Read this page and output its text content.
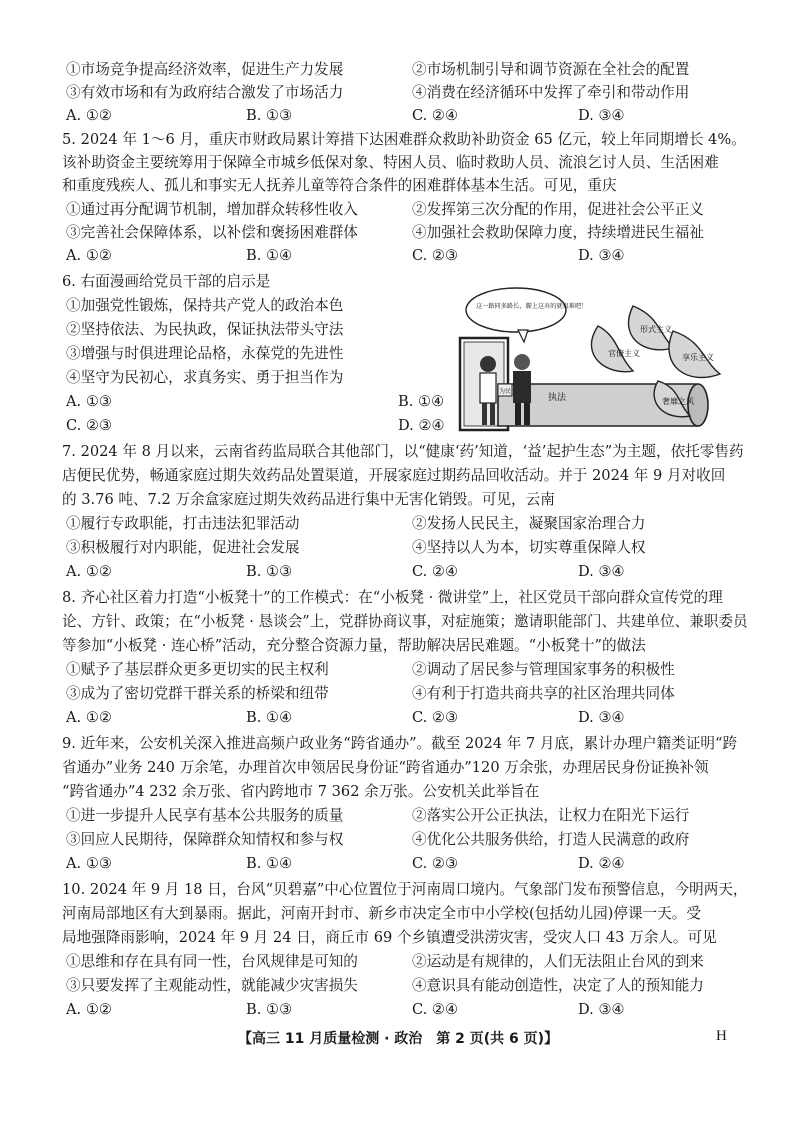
①市场竞争提高经济效率，促进生产力发展	②市场机制引导和调节资源在全社会的配置
③有效市场和有为政府结合激发了市场活力	④消费在经济循环中发挥了牵引和带动作用
A. ①②	B. ①③	C. ②④	D. ③④
5. 2024 年 1～6 月，重庆市财政局累计筹措下达困难群众救助补助资金 65 亿元，较上年同期增长 4%。
该补助资金主要统筹用于保障全市城乡低保对象、特困人员、临时救助人员、流浪乞讨人员、生活困难
和重度残疾人、孤儿和事实无人抚养儿童等符合条件的困难群体基本生活。可见，重庆
①通过再分配调节机制，增加群众转移性收入	②发挥第三次分配的作用，促进社会公平正义
③完善社会保障体系，以补偿和褒扬困难群体	④加强社会救助保障力度，持续增进民生福祉
A. ①②	B. ①④	C. ②③	D. ③④
6. 右面漫画给党员干部的启示是
①加强党性锻炼，保持共产党人的政治本色
②坚持依法、为民执政，保证执法带头守法
③增强与时俱进理论品格，永葆党的先进性
④坚守为民初心，求真务实、勇于担当作为
A. ①③	B. ①④
C. ②③	D. ②④
官僚主义
形式主义
享乐主义
奢靡之风
这一路同多路长，脚上这弃的就很难吧！
为民
执法
7. 2024 年 8 月以来，云南省药监局联合其他部门，以“健康‘药’知道，‘益’起护生态”为主题，依托零售药
店便民优势，畅通家庭过期失效药品处置渠道，开展家庭过期药品回收活动。并于 2024 年 9 月对收回
的 3.76 吨、7.2 万余盒家庭过期失效药品进行集中无害化销毁。可见，云南
①履行专政职能，打击违法犯罪活动	②发扬人民民主，凝聚国家治理合力
③积极履行对内职能，促进社会发展	④坚持以人为本，切实尊重保障人权
A. ①②	B. ①③	C. ②④	D. ③④
8. 齐心社区着力打造“小板凳十”的工作模式：在“小板凳 · 微讲堂”上，社区党员干部向群众宣传党的理
论、方针、政策；在“小板凳 · 恳谈会”上，党群协商议事，对症施策；邀请职能部门、共建单位、兼职委员
等参加“小板凳 · 连心桥”活动，充分整合资源力量，帮助解决居民难题。“小板凳十”的做法
①赋予了基层群众更多更切实的民主权利	②调动了居民参与管理国家事务的积极性
③成为了密切党群干群关系的桥梁和纽带	④有利于打造共商共享的社区治理共同体
A. ①②	B. ①④	C. ②③	D. ③④
9. 近年来，公安机关深入推进高频户政业务“跨省通办”。截至 2024 年 7 月底，累计办理户籍类证明“跨
省通办”业务 240 万余笔，办理首次申领居民身份证“跨省通办”120 万余张，办理居民身份证换补领
“跨省通办”4 232 余万张、省内跨地市 7 362 余万张。公安机关此举旨在
①进一步提升人民享有基本公共服务的质量	②落实公开公正执法，让权力在阳光下运行
③回应人民期待，保障群众知情权和参与权	④优化公共服务供给，打造人民满意的政府
A. ①③	B. ①④	C. ②③	D. ②④
10. 2024 年 9 月 18 日，台风“贝碧嘉”中心位置位于河南周口境内。气象部门发布预警信息，今明两天，
河南局部地区有大到暴雨。据此，河南开封市、新乡市决定全市中小学校(包括幼儿园)停课一天。受
局地强降雨影响，2024 年 9 月 24 日，商丘市 69 个乡镇遭受洪涝灾害，受灾人口 43 万余人。可见
①思维和存在具有同一性，台风规律是可知的	②运动是有规律的，人们无法阻止台风的到来
③只要发挥了主观能动性，就能减少灾害损失	④意识具有能动创造性，决定了人的预知能力
A. ①②	B. ①③	C. ②④	D. ③④
【高三 11 月质量检测 · 政治　第 2 页(共 6 页)】	H
